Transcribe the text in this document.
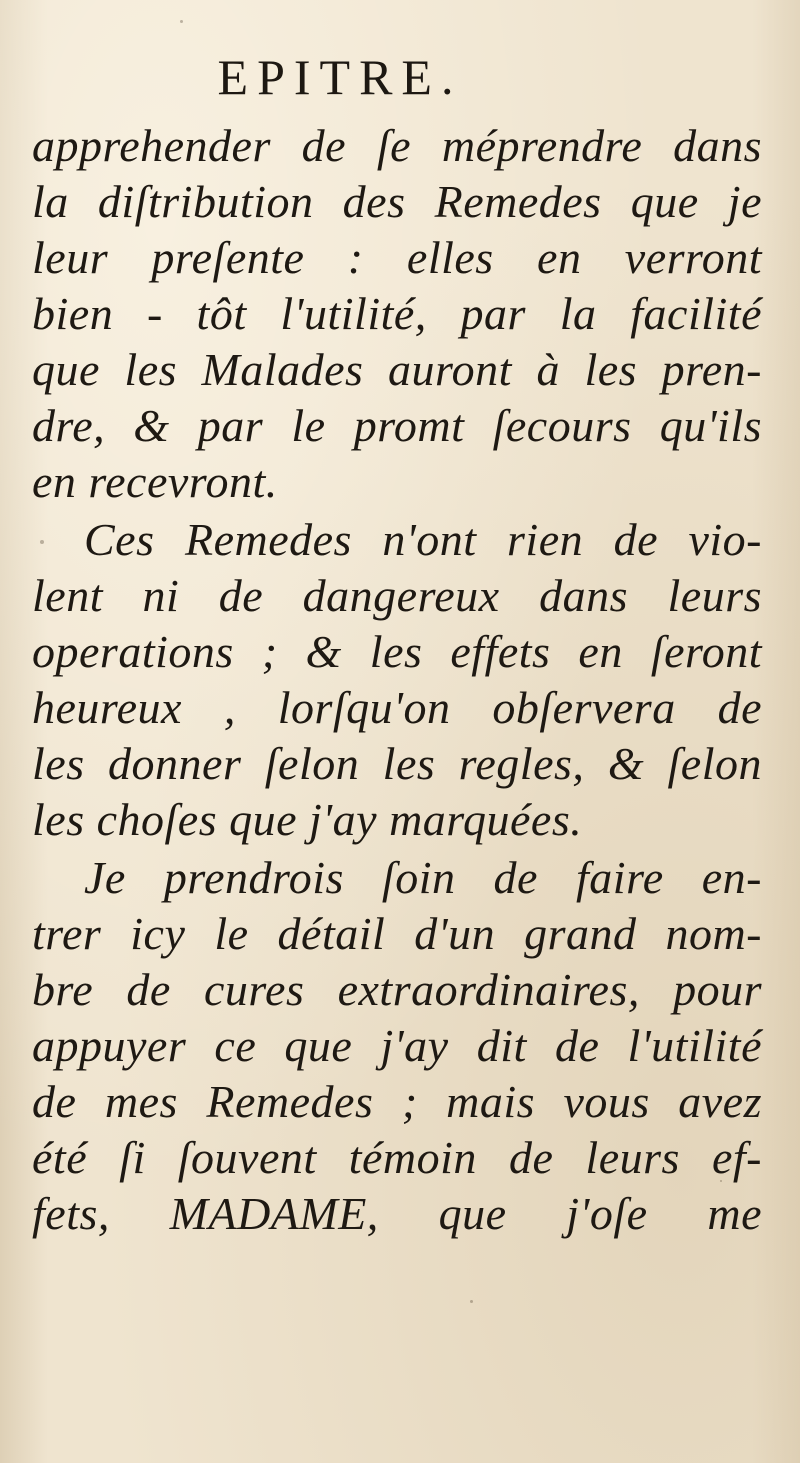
EPITRE.
apprehender de ſe méprendre dans
la diſtribution des Remedes que je
leur preſente : elles en verront
bien - tôt l'utilité, par la facilité
que les Malades auront à les pren-
dre, & par le promt ſecours qu'ils
en recevront.
Ces Remedes n'ont rien de vio-
lent ni de dangereux dans leurs
operations ; & les effets en ſeront
heureux , lorſqu'on obſervera de
les donner ſelon les regles, & ſelon
les choſes que j'ay marquées.
Je prendrois ſoin de faire en-
trer icy le détail d'un grand nom-
bre de cures extraordinaires, pour
appuyer ce que j'ay dit de l'utilité
de mes Remedes ; mais vous avez
été ſi ſouvent témoin de leurs ef-
fets, MADAME, que j'oſe me
